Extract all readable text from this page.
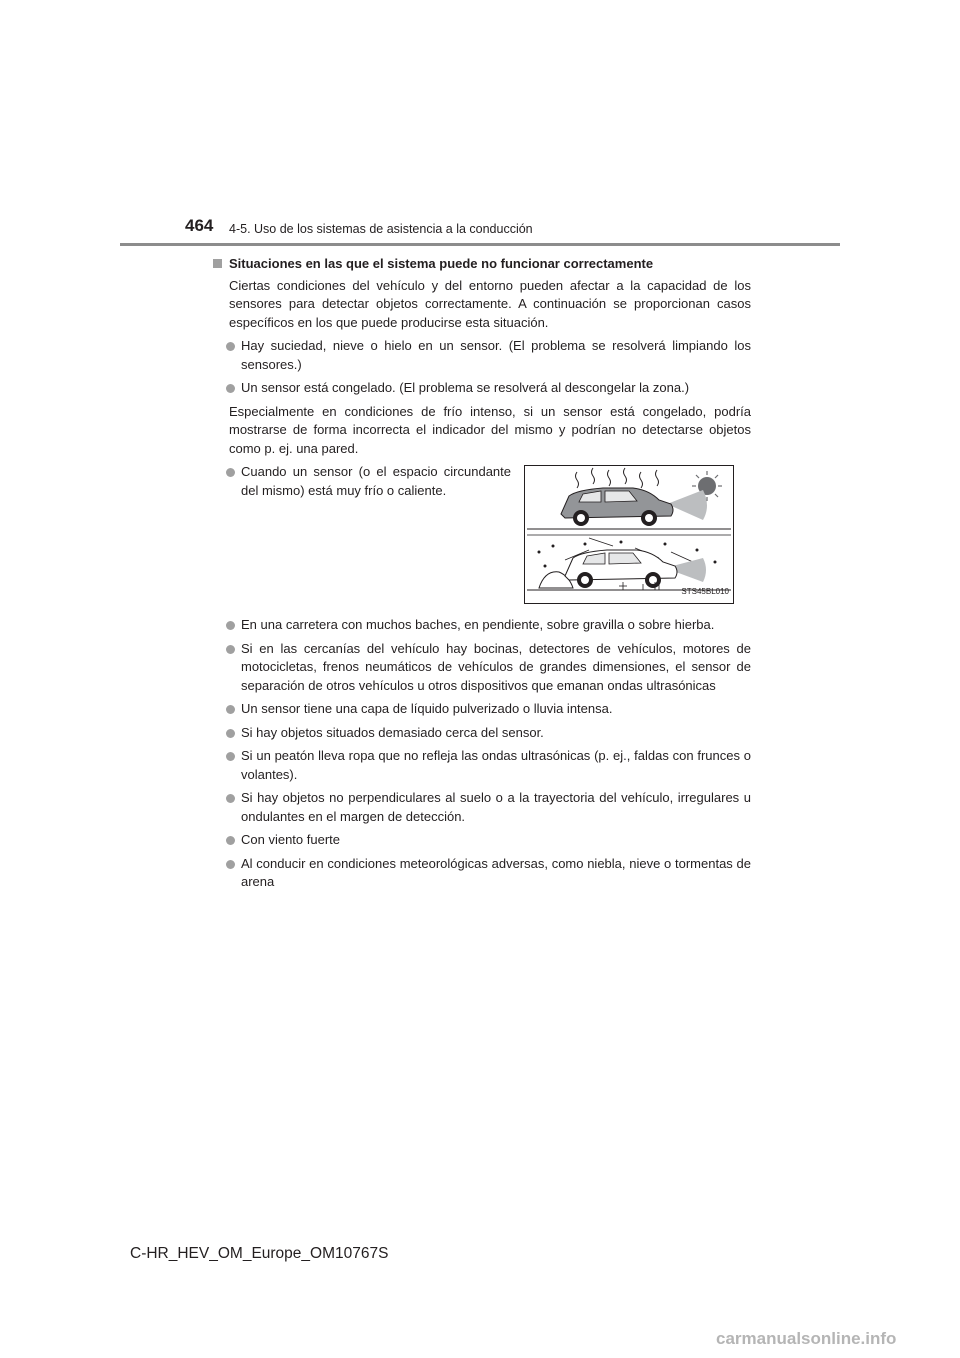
464 4-5. Uso de los sistemas de asistencia a la conducción

Situaciones en las que el sistema puede no funcionar correctamente

Ciertas condiciones del vehículo y del entorno pueden afectar a la capacidad de los sensores para detectar objetos correctamente. A continuación se proporcionan casos específicos en los que puede producirse esta situación.

Hay suciedad, nieve o hielo en un sensor. (El problema se resolverá limpiando los sensores.)
Un sensor está congelado. (El problema se resolverá al descongelar la zona.)

Especialmente en condiciones de frío intenso, si un sensor está congelado, podría mostrarse de forma incorrecta el indicador del mismo y podrían no detectarse objetos como p. ej. una pared.

Cuando un sensor (o el espacio circundante del mismo) está muy frío o caliente.
STS45BL010
En una carretera con muchos baches, en pendiente, sobre gravilla o sobre hierba.
Si en las cercanías del vehículo hay bocinas, detectores de vehículos, motores de motocicletas, frenos neumáticos de vehículos de grandes dimensiones, el sensor de separación de otros vehículos u otros dispositivos que emanan ondas ultrasónicas
Un sensor tiene una capa de líquido pulverizado o lluvia intensa.
Si hay objetos situados demasiado cerca del sensor.
Si un peatón lleva ropa que no refleja las ondas ultrasónicas (p. ej., faldas con frunces o volantes).
Si hay objetos no perpendiculares al suelo o a la trayectoria del vehículo, irregulares u ondulantes en el margen de detección.
Con viento fuerte
Al conducir en condiciones meteorológicas adversas, como niebla, nieve o tormentas de arena
C-HR_HEV_OM_Europe_OM10767S
carmanualsonline.info
